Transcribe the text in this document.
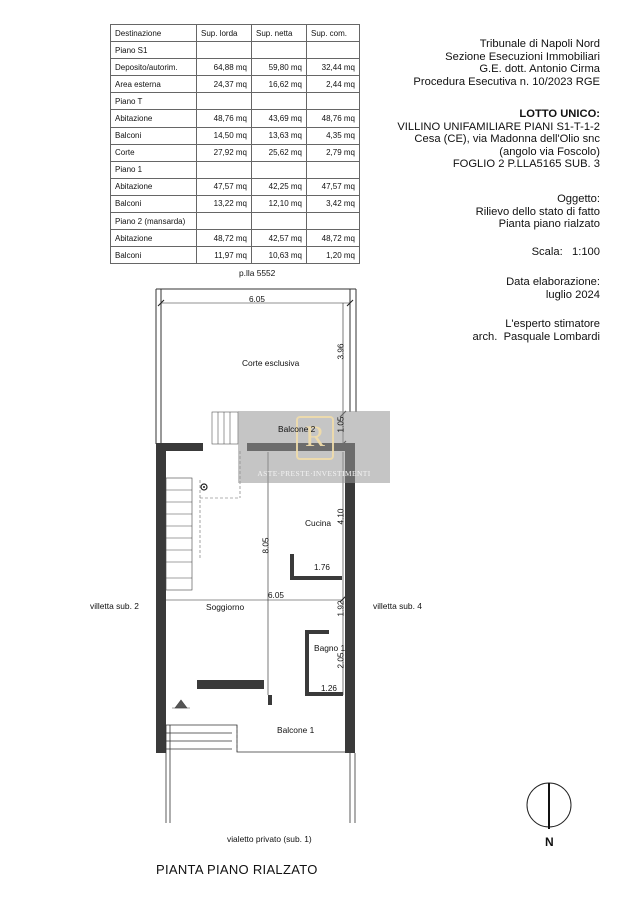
Destinazione	Sup. lorda	Sup. netta	Sup. com.
Piano S1			
Deposito/autorim.	64,88 mq	59,80 mq	32,44 mq
Area esterna	24,37 mq	16,62 mq	2,44 mq
Piano T			
Abitazione	48,76 mq	43,69 mq	48,76 mq
Balconi	14,50 mq	13,63 mq	4,35 mq
Corte	27,92 mq	25,62 mq	2,79 mq
Piano 1			
Abitazione	47,57 mq	42,25 mq	47,57 mq
Balconi	13,22 mq	12,10 mq	3,42 mq
Piano 2 (mansarda)			
Abitazione	48,72 mq	42,57 mq	48,72 mq
Balconi	11,97 mq	10,63 mq	1,20 mq
Tribunale di Napoli Nord
Sezione Esecuzioni Immobiliari
G.E. dott. Antonio Cirma
Procedura Esecutiva n. 10/2023 RGE
LOTTO UNICO:
VILLINO UNIFAMILIARE PIANI S1-T-1-2
Cesa (CE), via Madonna dell'Olio snc
(angolo via Foscolo)
FOGLIO 2 P.LLA5165 SUB. 3
Oggetto:
Rilievo dello stato di fatto
Pianta piano rialzato
Scala:   1:100
Data elaborazione:
luglio 2024
L'esperto stimatore
arch.  Pasquale Lombardi
R
ASTE·PRESTE·INVESTIMENTI
p.lla 5552
Corte esclusiva
Balcone 2
Cucina
Soggiorno
Bagno 1
Balcone 1
villetta sub. 2	villetta sub. 4
vialetto privato (sub. 1)
6.05
6.05
3.96
1.05
4.10
8.05
1.76
1.92
2.05
1.26
PIANTA PIANO RIALZATO
N
